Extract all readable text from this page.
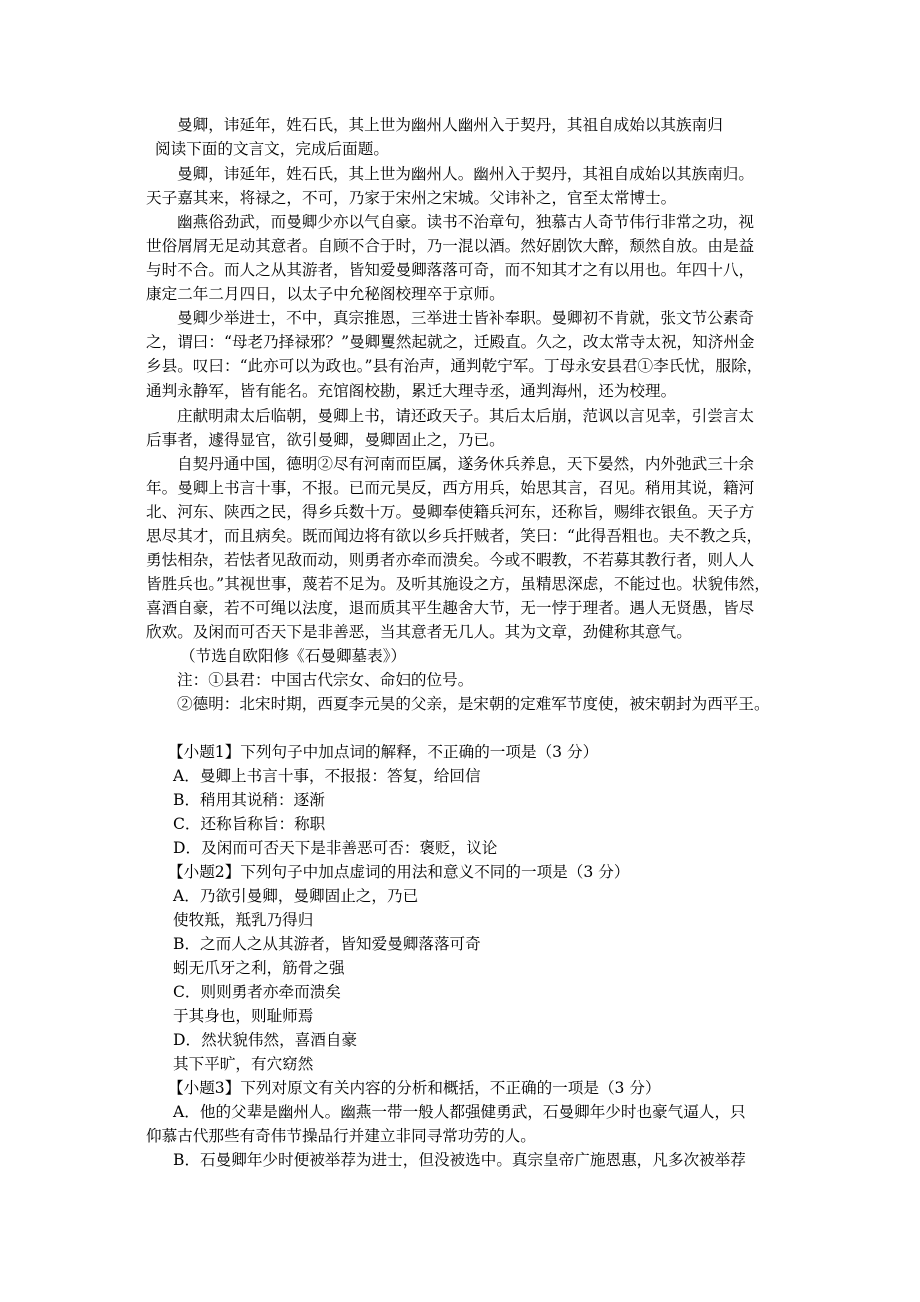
曼卿，讳延年，姓石氏，其上世为幽州人幽州入于契丹，其祖自成始以其族南归
阅读下面的文言文，完成后面题。
曼卿，讳延年，姓石氏，其上世为幽州人。幽州入于契丹，其祖自成始以其族南归。
天子嘉其来，将禄之，不可，乃家于宋州之宋城。父讳补之，官至太常博士。
幽燕俗劲武，而曼卿少亦以气自豪。读书不治章句，独慕古人奇节伟行非常之功，视
世俗屑屑无足动其意者。自顾不合于时，乃一混以酒。然好剧饮大醉，颓然自放。由是益
与时不合。而人之从其游者，皆知爱曼卿落落可奇，而不知其才之有以用也。年四十八，
康定二年二月四日，以太子中允秘阁校理卒于京师。
曼卿少举进士，不中，真宗推恩，三举进士皆补奉职。曼卿初不肯就，张文节公素奇
之，谓曰：“母老乃择禄邪？”曼卿矍然起就之，迁殿直。久之，改太常寺太祝，知济州金
乡县。叹曰：“此亦可以为政也。”县有治声，通判乾宁军。丁母永安县君①李氏忧，服除，
通判永静军，皆有能名。充馆阁校勘，累迁大理寺丞，通判海州，还为校理。
庄献明肃太后临朝，曼卿上书，请还政天子。其后太后崩，范讽以言见幸，引尝言太
后事者，遽得显官，欲引曼卿，曼卿固止之，乃已。
自契丹通中国，德明②尽有河南而臣属，遂务休兵养息，天下晏然，内外弛武三十余
年。曼卿上书言十事，不报。已而元昊反，西方用兵，始思其言，召见。稍用其说，籍河
北、河东、陕西之民，得乡兵数十万。曼卿奉使籍兵河东，还称旨，赐绯衣银鱼。天子方
思尽其才，而且病矣。既而闻边将有欲以乡兵扞贼者，笑曰：“此得吾粗也。夫不教之兵，
勇怯相杂，若怯者见敌而动，则勇者亦牵而溃矣。今或不暇教，不若募其教行者，则人人
皆胜兵也。”其视世事，蔑若不足为。及听其施设之方，虽精思深虑，不能过也。状貌伟然，
喜酒自豪，若不可绳以法度，退而质其平生趣舍大节，无一悖于理者。遇人无贤愚，皆尽
欣欢。及闲而可否天下是非善恶，当其意者无几人。其为文章，劲健称其意气。
（节选自欧阳修《石曼卿墓表》）
注：①县君：中国古代宗女、命妇的位号。
②德明：北宋时期，西夏李元昊的父亲，是宋朝的定难军节度使，被宋朝封为西平王。
【小题1】下列句子中加点词的解释，不正确的一项是（3 分）
A．曼卿上书言十事，不报报：答复，给回信
B．稍用其说稍：逐渐
C．还称旨称旨：称职
D．及闲而可否天下是非善恶可否：褒贬，议论
【小题2】下列句子中加点虚词的用法和意义不同的一项是（3 分）
A．乃欲引曼卿，曼卿固止之，乃已
使牧羝，羝乳乃得归
B．之而人之从其游者，皆知爱曼卿落落可奇
蚓无爪牙之利，筋骨之强
C．则则勇者亦牵而溃矣
于其身也，则耻师焉
D．然状貌伟然，喜酒自豪
其下平旷，有穴窈然
【小题3】下列对原文有关内容的分析和概括，不正确的一项是（3 分）
A．他的父辈是幽州人。幽燕一带一般人都强健勇武，石曼卿年少时也豪气逼人，只
仰慕古代那些有奇伟节操品行并建立非同寻常功劳的人。
B．石曼卿年少时便被举荐为进士，但没被选中。真宗皇帝广施恩惠，凡多次被举荐
